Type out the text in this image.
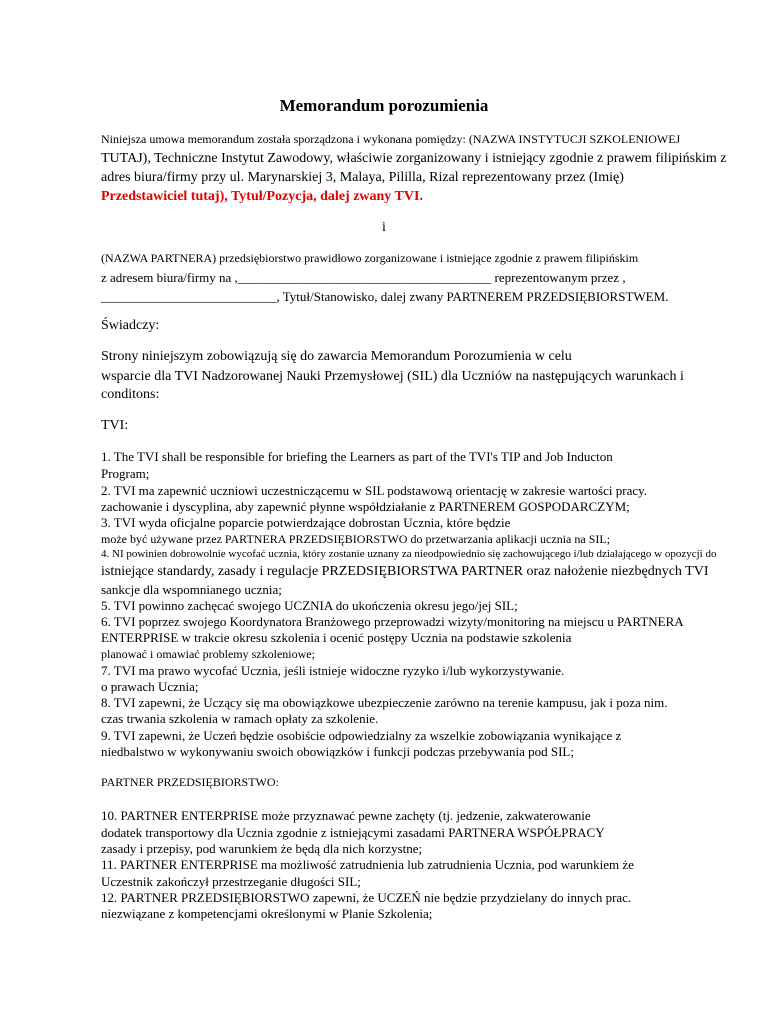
Memorandum porozumienia
Niniejsza umowa memorandum została sporządzona i wykonana pomiędzy: (NAZWA INSTYTUCJI SZKOLENIOWEJ
TUTAJ), Techniczne Instytut Zawodowy, właściwie zorganizowany i istniejący zgodnie z prawem filipińskim z
adres biura/firmy przy ul. Marynarskiej 3, Malaya, Pililla, Rizal reprezentowany przez (Imię)
Przedstawiciel tutaj), Tytuł/Pozycja, dalej zwany TVI.
i
(NAZWA PARTNERA) przedsiębiorstwo prawidłowo zorganizowane i istniejące zgodnie z prawem filipińskim
z adresem biura/firmy na ,_______________________________________ reprezentowanym przez ,
___________________________, Tytuł/Stanowisko, dalej zwany PARTNEREM PRZEDSIĘBIORSTWEM.
Świadczy:
Strony niniejszym zobowiązują się do zawarcia Memorandum Porozumienia w celu
wsparcie dla TVI Nadzorowanej Nauki Przemysłowej (SIL) dla Uczniów na następujących warunkach i
conditons:
TVI:
1. The TVI shall be responsible for briefing the Learners as part of the TVI's TIP and Job Inducton
Program;
2. TVI ma zapewnić uczniowi uczestniczącemu w SIL podstawową orientację w zakresie wartości pracy.
zachowanie i dyscyplina, aby zapewnić płynne współdziałanie z PARTNEREM GOSPODARCZYM;
3. TVI wyda oficjalne poparcie potwierdzające dobrostan Ucznia, które będzie
może być używane przez PARTNERA PRZEDSIĘBIORSTWO do przetwarzania aplikacji ucznia na SIL;
4. NI powinien dobrowolnie wycofać ucznia, który zostanie uznany za nieodpowiednio się zachowującego i/lub działającego w opozycji do
istniejące standardy, zasady i regulacje PRZEDSIĘBIORSTWA PARTNER oraz nałożenie niezbędnych TVI
sankcje dla wspomnianego ucznia;
5. TVI powinno zachęcać swojego UCZNIA do ukończenia okresu jego/jej SIL;
6. TVI poprzez swojego Koordynatora Branżowego przeprowadzi wizyty/monitoring na miejscu u PARTNERA
ENTERPRISE w trakcie okresu szkolenia i ocenić postępy Ucznia na podstawie szkolenia
planować i omawiać problemy szkoleniowe;
7. TVI ma prawo wycofać Ucznia, jeśli istnieje widoczne ryzyko i/lub wykorzystywanie.
o prawach Ucznia;
8. TVI zapewni, że Uczący się ma obowiązkowe ubezpieczenie zarówno na terenie kampusu, jak i poza nim.
czas trwania szkolenia w ramach opłaty za szkolenie.
9. TVI zapewni, że Uczeń będzie osobiście odpowiedzialny za wszelkie zobowiązania wynikające z
niedbalstwo w wykonywaniu swoich obowiązków i funkcji podczas przebywania pod SIL;
PARTNER PRZEDSIĘBIORSTWO:
10. PARTNER ENTERPRISE może przyznawać pewne zachęty (tj. jedzenie, zakwaterowanie
dodatek transportowy dla Ucznia zgodnie z istniejącymi zasadami PARTNERA WSPÓŁPRACY
zasady i przepisy, pod warunkiem że będą dla nich korzystne;
11. PARTNER ENTERPRISE ma możliwość zatrudnienia lub zatrudnienia Ucznia, pod warunkiem że
Uczestnik zakończył przestrzeganie długości SIL;
12. PARTNER PRZEDSIĘBIORSTWO zapewni, że UCZEŃ nie będzie przydzielany do innych prac.
niezwiązane z kompetencjami określonymi w Planie Szkolenia;
